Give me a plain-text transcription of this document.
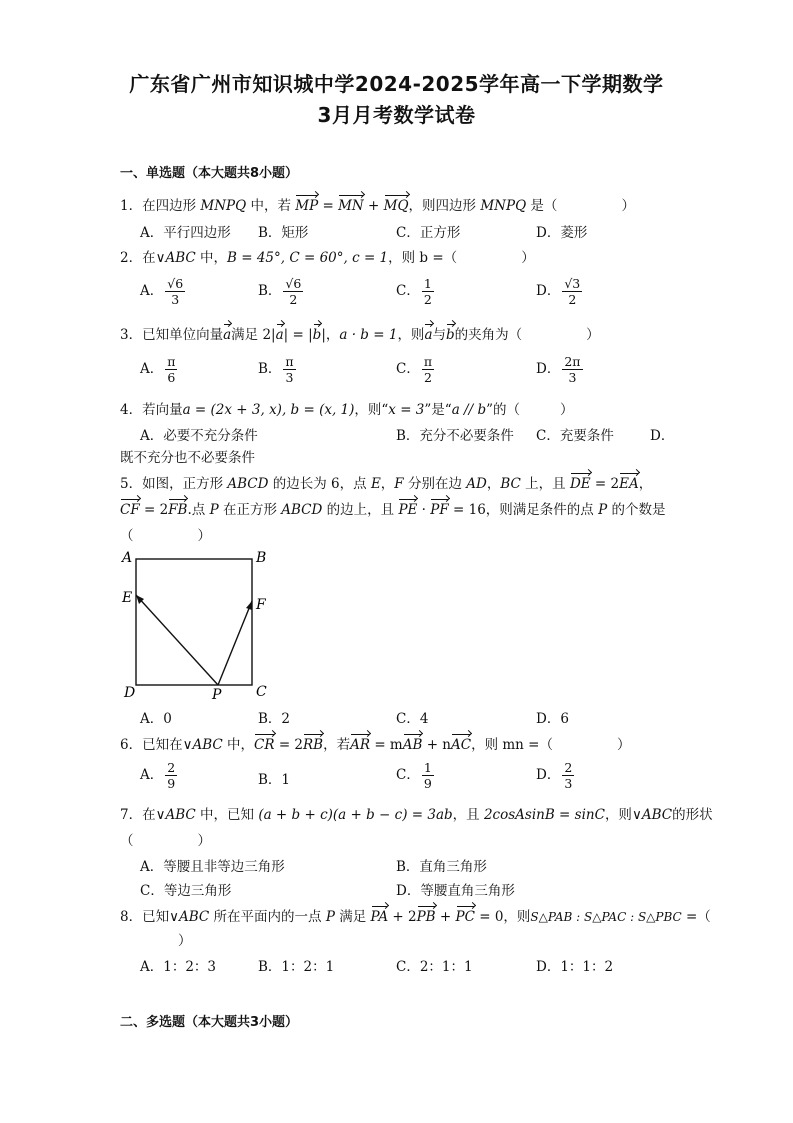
广东省广州市知识城中学2024-2025学年高一下学期数学
3月月考数学试卷
一、单选题（本大题共8小题）
1．在四边形 MNPQ 中，若 MP = MN + MQ，则四边形 MNPQ 是（	）
A．平行四边形 B．矩形	C．正方形	D．菱形
2．在∨ABC 中，B = 45°, C = 60°, c = 1，则 b =（	）
A． $\frac{√6}{3}$	B． $\frac{√6}{2}$	C． $\frac{1}{2}$	D． $\frac{√3}{2}$
3．已知单位向量a满足 2|a| = |b|，a · b = 1，则a与b的夹角为（	）
A． $\frac{\pi}{6}$	B． $\frac{\pi}{3}$	C． $\frac{\pi}{2}$	D． $\frac{2\pi}{3}$
4．若向量a = (2x + 3, x), b = (x, 1)，则“x = 3”是“a // b”的（	）
A．必要不充分条件	B．充分不必要条件 C．充要条件	D．
既不充分也不必要条件
5．如图，正方形 ABCD 的边长为 6，点 E，F 分别在边 AD，BC 上，且 DE = 2EA，
CF = 2FB.点 P 在正方形 ABCD 的边上，且 PE · PF = 16，则满足条件的点 P 的个数是
（	）
A	B
C
D
E	F
P
A．0	B．2	C．4	D．6
6．已知在∨ABC 中，CR = 2RB，若AR = mAB + nAC，则 mn =（	）
A． $\frac{2}{9}$	B．1	C． $\frac{1}{9}$	D． $\frac{2}{3}$
7．在∨ABC 中，已知 (a + b + c)(a + b − c) = 3ab，且 2cosAsinB = sinC，则∨ABC的形状
（	）
A．等腰且非等边三角形	B．直角三角形
C．等边三角形	D．等腰直角三角形
8．已知∨ABC 所在平面内的一点 P 满足 PA + 2PB + PC = 0，则S△PAB : S△PAC : S△PBC =（
）
A．1：2：3	B．1：2：1	C．2：1：1	D．1：1：2
二、多选题（本大题共3小题）
